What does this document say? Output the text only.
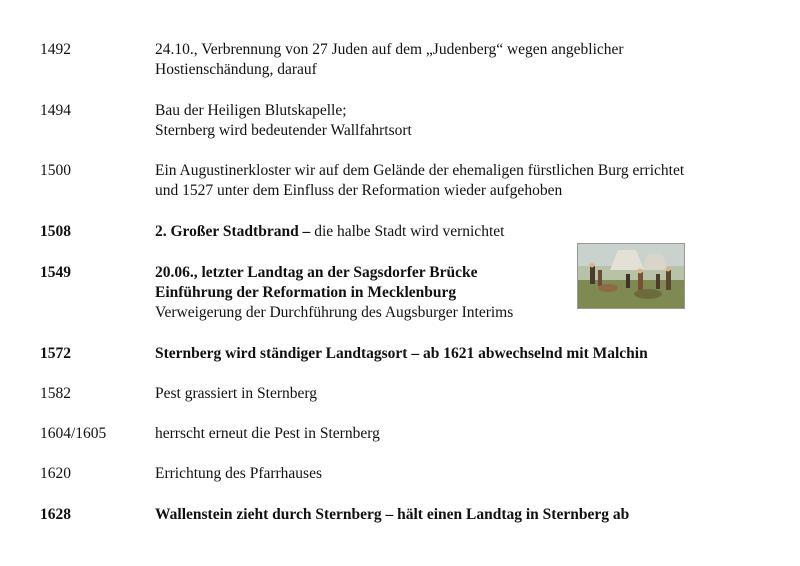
1492	24.10., Verbrennung von 27 Juden auf dem „Judenberg“ wegen angeblicher
Hostienschändung, darauf
1494	Bau der Heiligen Blutskapelle;
Sternberg wird bedeutender Wallfahrtsort
1500	Ein Augustinerkloster wir auf dem Gelände der ehemaligen fürstlichen Burg errichtet
und 1527 unter dem Einfluss der Reformation wieder aufgehoben
1508	2. Großer Stadtbrand – die halbe Stadt wird vernichtet
1549	20.06., letzter Landtag an der Sagsdorfer Brücke
Einführung der Reformation in Mecklenburg
Verweigerung der Durchführung des Augsburger Interims
1572	Sternberg wird ständiger Landtagsort – ab 1621 abwechselnd mit Malchin
1582	Pest grassiert in Sternberg
1604/1605	herrscht erneut die Pest in Sternberg
1620	Errichtung des Pfarrhauses
1628	Wallenstein zieht durch Sternberg – hält einen Landtag in Sternberg ab
